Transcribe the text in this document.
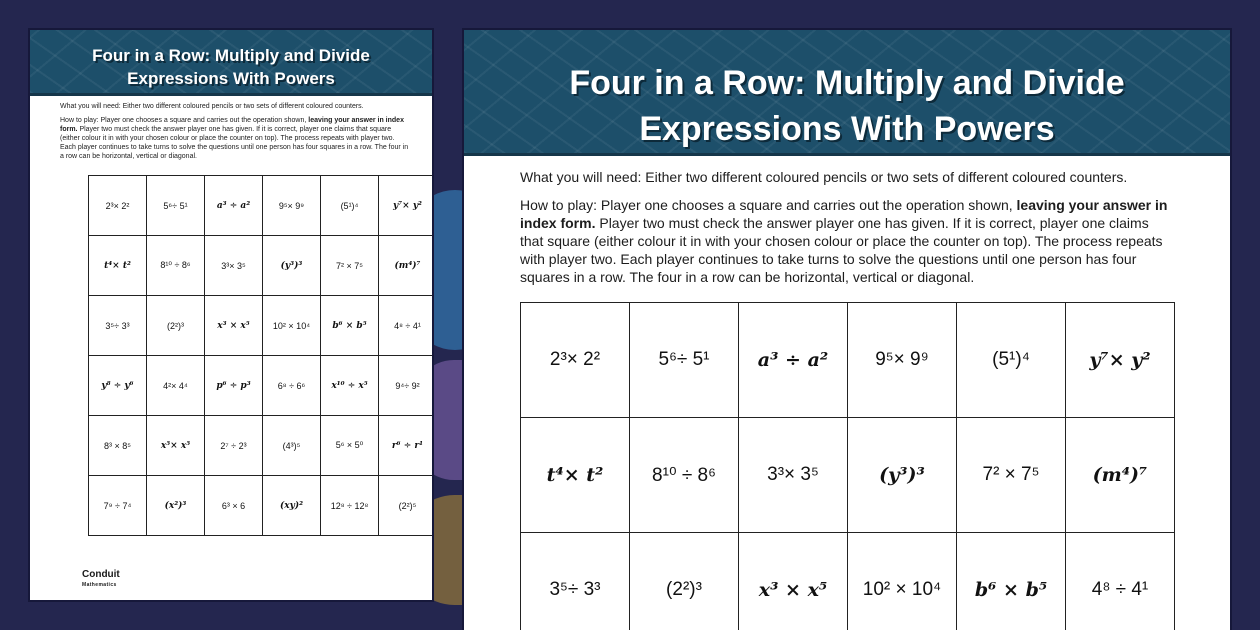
Four in a Row: Multiply and Divide
Expressions With Powers

What you will need: Either two different coloured pencils or two sets of different coloured counters.

How to play: Player one chooses a square and carries out the operation shown, leaving your answer in index form. Player two must check the answer player one has given. If it is correct, player one claims that square (either colour it in with your chosen colour or place the counter on top). The process repeats with player two. Each player continues to take turns to solve the questions until one person has four squares in a row. The four in a row can be horizontal, vertical or diagonal.

2³× 2²	5⁶÷ 5¹	a³ ÷ a²	9⁵× 9⁹	(5¹)⁴	y⁷× y²
t⁴× t²	8¹⁰ ÷ 8⁶	3³× 3⁵	(y³)³	7² × 7⁵	(m⁴)⁷
3⁵÷ 3³	(2²)³	x³ × x⁵	10² × 10⁴	b⁶ × b⁵	4⁸ ÷ 4¹
y⁸ ÷ y⁶	4²× 4⁴	p⁶ ÷ p³	6⁸ ÷ 6⁶	x¹⁰ ÷ x⁵	9⁴÷ 9²
8³ × 8⁵	x⁵× x⁵	2⁷ ÷ 2³	(4³)⁵	5⁶ × 5⁰	r⁶ ÷ r¹
7⁹ ÷ 7⁴	(x²)³	6³ × 6	(xy)²	12⁸ ÷ 12⁸	(2²)⁵
Conduit
Mathematics
Four in a Row: Multiply and Divide
Expressions With Powers

What you will need: Either two different coloured pencils or two sets of different coloured counters.

How to play: Player one chooses a square and carries out the operation shown, leaving your answer in index form. Player two must check the answer player one has given. If it is correct, player one claims that square (either colour it in with your chosen colour or place the counter on top). The process repeats with player two. Each player continues to take turns to solve the questions until one person has four squares in a row. The four in a row can be horizontal, vertical or diagonal.

2³× 2²	5⁶÷ 5¹	a³ ÷ a²	9⁵× 9⁹	(5¹)⁴	y⁷× y²
t⁴× t²	8¹⁰ ÷ 8⁶	3³× 3⁵	(y³)³	7² × 7⁵	(m⁴)⁷
3⁵÷ 3³	(2²)³	x³ × x⁵	10² × 10⁴	b⁶ × b⁵	4⁸ ÷ 4¹
